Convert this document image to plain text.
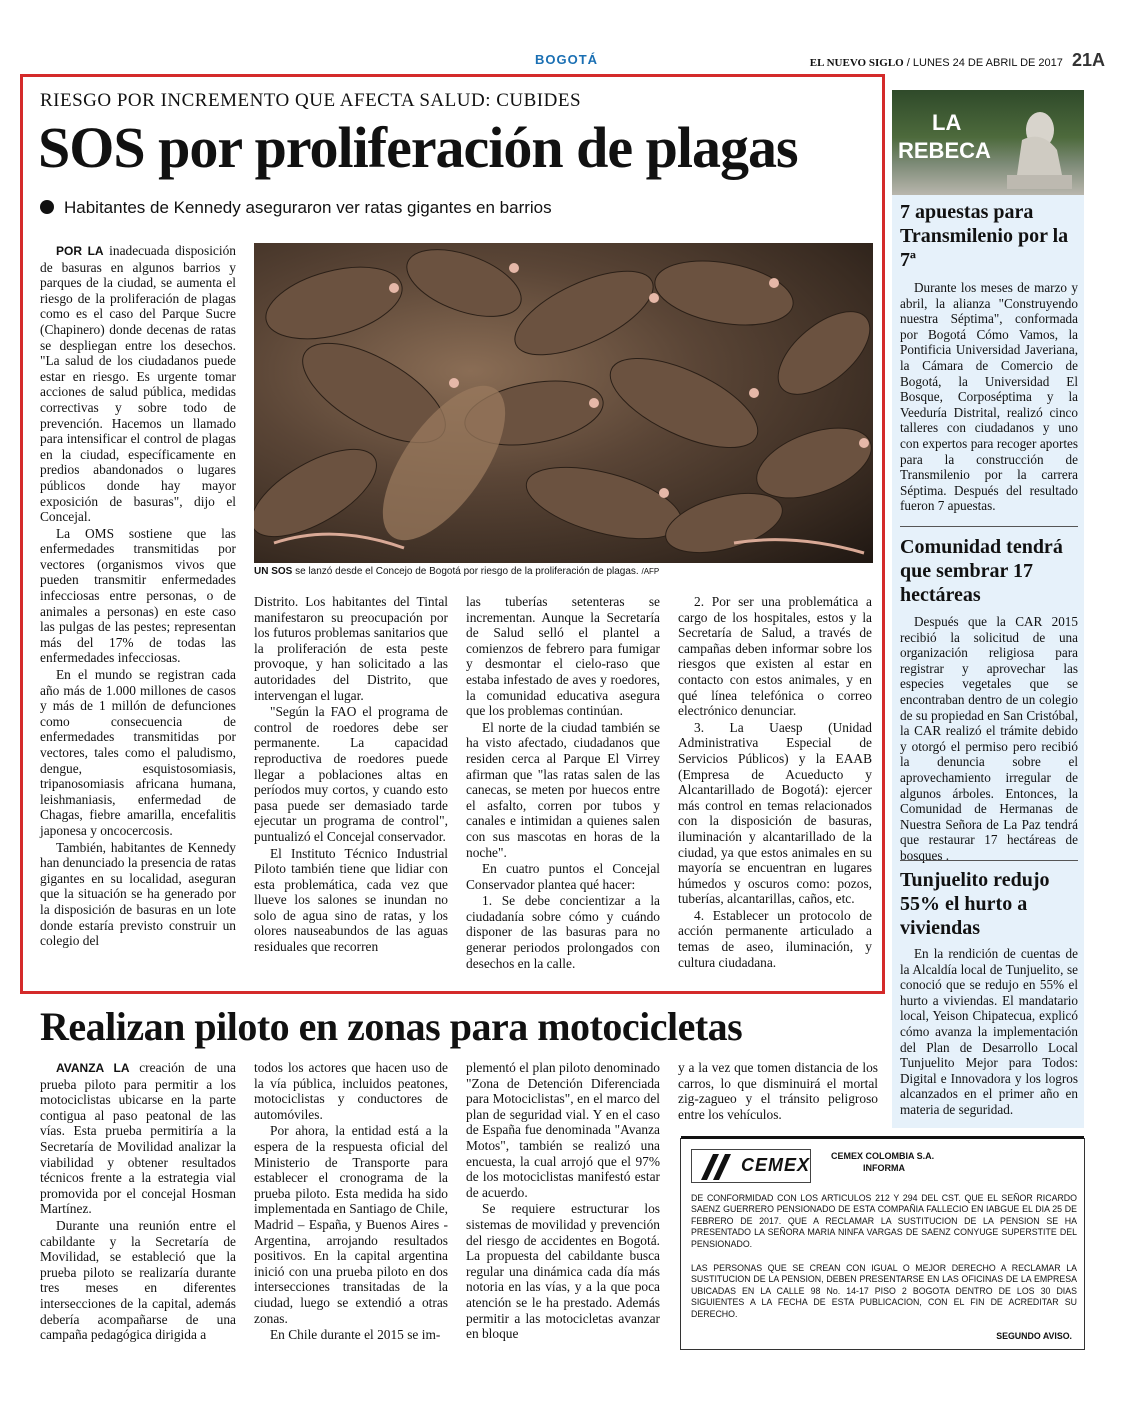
BOGOTÁ	EL NUEVO SIGLO / LUNES 24 DE ABRIL DE 2017 21A
RIESGO POR INCREMENTO QUE AFECTA SALUD: CUBIDES
SOS por proliferación de plagas
Habitantes de Kennedy aseguraron ver ratas gigantes en barrios
UN SOS se lanzó desde el Concejo de Bogotá por riesgo de la proliferación de plagas. /AFP

POR LA inadecuada disposición de basuras en algunos barrios y parques de la ciudad, se aumenta el riesgo de la proliferación de plagas como es el caso del Parque Sucre (Chapinero) donde decenas de ratas se despliegan entre los desechos. "La salud de los ciudadanos puede estar en riesgo. Es urgente tomar acciones de salud pública, medidas correctivas y sobre todo de prevención. Hacemos un llamado para intensificar el control de plagas en la ciudad, específicamente en predios abandonados o lugares públicos donde hay mayor exposición de basuras", dijo el Concejal.

La OMS sostiene que las enfermedades transmitidas por vectores (organismos vivos que pueden transmitir enfermedades infecciosas entre personas, o de animales a personas) en este caso las pulgas de las pestes; representan más del 17% de todas las enfermedades infecciosas.

En el mundo se registran cada año más de 1.000 millones de casos y más de 1 millón de defunciones como consecuencia de enfermedades transmitidas por vectores, tales como el paludismo, dengue, esquistosomiasis, tripanosomiasis africana humana, leishmaniasis, enfermedad de Chagas, fiebre amarilla, encefalitis japonesa y oncocercosis.

También, habitantes de Kennedy han denunciado la presencia de ratas gigantes en su localidad, aseguran que la situación se ha generado por la disposición de basuras en un lote donde estaría previsto construir un colegio del

Distrito. Los habitantes del Tintal manifestaron su preocupación por los futuros problemas sanitarios que la proliferación de esta peste provoque, y han solicitado a las autoridades del Distrito, que intervengan el lugar.

"Según la FAO el programa de control de roedores debe ser permanente. La capacidad reproductiva de roedores puede llegar a poblaciones altas en períodos muy cortos, y cuando esto pasa puede ser demasiado tarde ejecutar un programa de control", puntualizó el Concejal conservador.

El Instituto Técnico Industrial Piloto también tiene que lidiar con esta problemática, cada vez que llueve los salones se inundan no solo de agua sino de ratas, y los olores nauseabundos de las aguas residuales que recorren

las tuberías setenteras se incrementan. Aunque la Secretaría de Salud selló el plantel a comienzos de febrero para fumigar y desmontar el cielo-raso que estaba infestado de aves y roedores, la comunidad educativa asegura que los problemas continúan.

El norte de la ciudad también se ha visto afectado, ciudadanos que residen cerca al Parque El Virrey afirman que "las ratas salen de las canecas, se meten por huecos entre el asfalto, corren por tubos y canales e intimidan a quienes salen con sus mascotas en horas de la noche".

En cuatro puntos el Concejal Conservador plantea qué hacer:

1. Se debe concientizar a la ciudadanía sobre cómo y cuándo disponer de las basuras para no generar periodos prolongados con desechos en la calle.

2. Por ser una problemática a cargo de los hospitales, estos y la Secretaría de Salud, a través de campañas deben informar sobre los riesgos que existen al estar en contacto con estos animales, y en qué línea telefónica o correo electrónico denunciar.

3. La Uaesp (Unidad Administrativa Especial de Servicios Públicos) y la EAAB (Empresa de Acueducto y Alcantarillado de Bogotá): ejercer más control en temas relacionados con la disposición de basuras, iluminación y alcantarillado de la ciudad, ya que estos animales en su mayoría se encuentran en lugares húmedos y oscuros como: pozos, tuberías, alcantarillas, caños, etc.

4. Establecer un protocolo de acción permanente articulado a temas de aseo, iluminación, y cultura ciudadana.

LA
REBECA
7 apuestas para Transmilenio por la 7ª

Durante los meses de marzo y abril, la alianza "Construyendo nuestra Séptima", conformada por Bogotá Cómo Vamos, la Pontificia Universidad Javeriana, la Cámara de Comercio de Bogotá, la Universidad El Bosque, Corposéptima y la Veeduría Distrital, realizó cinco talleres con ciudadanos y uno con expertos para recoger aportes para la construcción de Transmilenio por la carrera Séptima. Después del resultado fueron 7 apuestas.

Comunidad tendrá que sembrar 17 hectáreas

Después que la CAR 2015 recibió la solicitud de una organización religiosa para registrar y aprovechar las especies vegetales que se encontraban dentro de un colegio de su propiedad en San Cristóbal, la CAR realizó el trámite debido y otorgó el permiso pero recibió la denuncia sobre el aprovechamiento irregular de algunos árboles. Entonces, la Comunidad de Hermanas de Nuestra Señora de La Paz tendrá que restaurar 17 hectáreas de bosques .

Tunjuelito redujo 55% el hurto a viviendas

En la rendición de cuentas de la Alcaldía local de Tunjuelito, se conoció que se redujo en 55% el hurto a viviendas. El mandatario local, Yeison Chipatecua, explicó cómo avanza la implementación del Plan de Desarrollo Local Tunjuelito Mejor para Todos: Digital e Innovadora y los logros alcanzados en el primer año en materia de seguridad.

Realizan piloto en zonas para motocicletas

AVANZA LA creación de una prueba piloto para permitir a los motociclistas ubicarse en la parte contigua al paso peatonal de las vías. Esta prueba permitiría a la Secretaría de Movilidad analizar la viabilidad y obtener resultados técnicos frente a la estrategia vial promovida por el concejal Hosman Martínez.

Durante una reunión entre el cabildante y la Secretaría de Movilidad, se estableció que la prueba piloto se realizaría durante tres meses en diferentes intersecciones de la capital, además debería acompañarse de una campaña pedagógica dirigida a

todos los actores que hacen uso de la vía pública, incluidos peatones, motociclistas y conductores de automóviles.

Por ahora, la entidad está a la espera de la respuesta oficial del Ministerio de Transporte para establecer el cronograma de la prueba piloto. Esta medida ha sido implementada en Santiago de Chile, Madrid – España, y Buenos Aires - Argentina, arrojando resultados positivos. En la capital argentina inició con una prueba piloto en dos intersecciones transitadas de la ciudad, luego se extendió a otras zonas.

En Chile durante el 2015 se im-

plementó el plan piloto denominado "Zona de Detención Diferenciada para Motociclistas", en el marco del plan de seguridad vial. Y en el caso de España fue denominada "Avanza Motos", también se realizó una encuesta, la cual arrojó que el 97% de los motociclistas manifestó estar de acuerdo.

Se requiere estructurar los sistemas de movilidad y prevención del riesgo de accidentes en Bogotá. La propuesta del cabildante busca regular una dinámica cada día más notoria en las vías, y a la que poca atención se le ha prestado. Además permitir a las motocicletas avanzar en bloque

y a la vez que tomen distancia de los carros, lo que disminuirá el mortal zig-zagueo y el tránsito peligroso entre los vehículos.

CEMEX CEMEX COLOMBIA S.A.
INFORMA
DE CONFORMIDAD CON LOS ARTICULOS 212 Y 294 DEL CST. QUE EL SEÑOR RICARDO SAENZ GUERRERO PENSIONADO DE ESTA COMPAÑIA FALLECIO EN IABGUE EL DIA 25 DE FEBRERO DE 2017. QUE A RECLAMAR LA SUSTITUCION DE LA PENSION SE HA PRESENTADO LA SEÑORA MARIA NINFA VARGAS DE SAENZ CONYUGE SUPERSTITE DEL PENSIONADO.
LAS PERSONAS QUE SE CREAN CON IGUAL O MEJOR DERECHO A RECLAMAR LA SUSTITUCION DE LA PENSION, DEBEN PRESENTARSE EN LAS OFICINAS DE LA EMPRESA UBICADAS EN LA CALLE 98 No. 14-17 PISO 2 BOGOTA DENTRO DE LOS 30 DIAS SIGUIENTES A LA FECHA DE ESTA PUBLICACION, CON EL FIN DE ACREDITAR SU DERECHO.
SEGUNDO AVISO.
